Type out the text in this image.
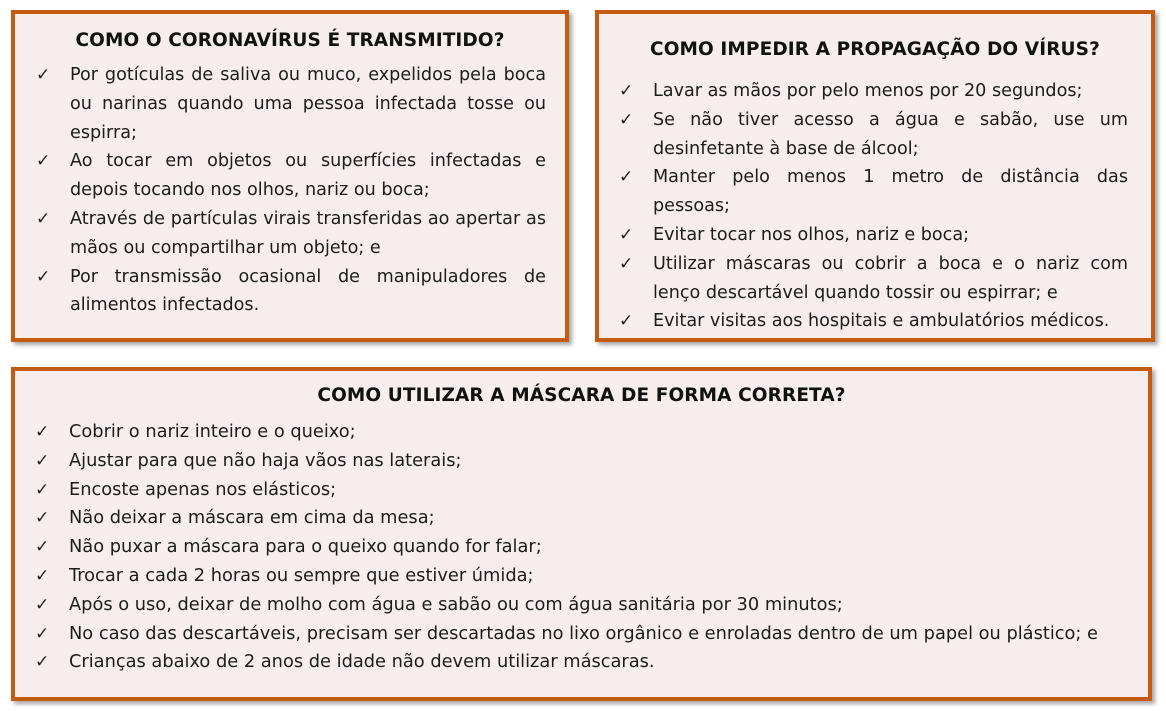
COMO O CORONAVÍRUS É TRANSMITIDO?
✓	Por gotículas de saliva ou muco, expelidos pela boca ou narinas quando uma pessoa infectada tosse ou espirra;
✓	Ao tocar em objetos ou superfícies infectadas e depois tocando nos olhos, nariz ou boca;
✓	Através de partículas virais transferidas ao apertar as mãos ou compartilhar um objeto; e
✓	Por transmissão ocasional de manipuladores de alimentos infectados.
COMO IMPEDIR A PROPAGAÇÃO DO VÍRUS?
✓	Lavar as mãos por pelo menos por 20 segundos;
✓	Se não tiver acesso a água e sabão, use um desinfetante à base de álcool;
✓	Manter pelo menos 1 metro de distância das pessoas;
✓	Evitar tocar nos olhos, nariz e boca;
✓	Utilizar máscaras ou cobrir a boca e o nariz com lenço descartável quando tossir ou espirrar; e
✓	Evitar visitas aos hospitais e ambulatórios médicos.
COMO UTILIZAR A MÁSCARA DE FORMA CORRETA?
✓	Cobrir o nariz inteiro e o queixo;
✓	Ajustar para que não haja vãos nas laterais;
✓	Encoste apenas nos elásticos;
✓	Não deixar a máscara em cima da mesa;
✓	Não puxar a máscara para o queixo quando for falar;
✓	Trocar a cada 2 horas ou sempre que estiver úmida;
✓	Após o uso, deixar de molho com água e sabão ou com água sanitária por 30 minutos;
✓	No caso das descartáveis, precisam ser descartadas no lixo orgânico e enroladas dentro de um papel ou plástico; e
✓	Crianças abaixo de 2 anos de idade não devem utilizar máscaras.
